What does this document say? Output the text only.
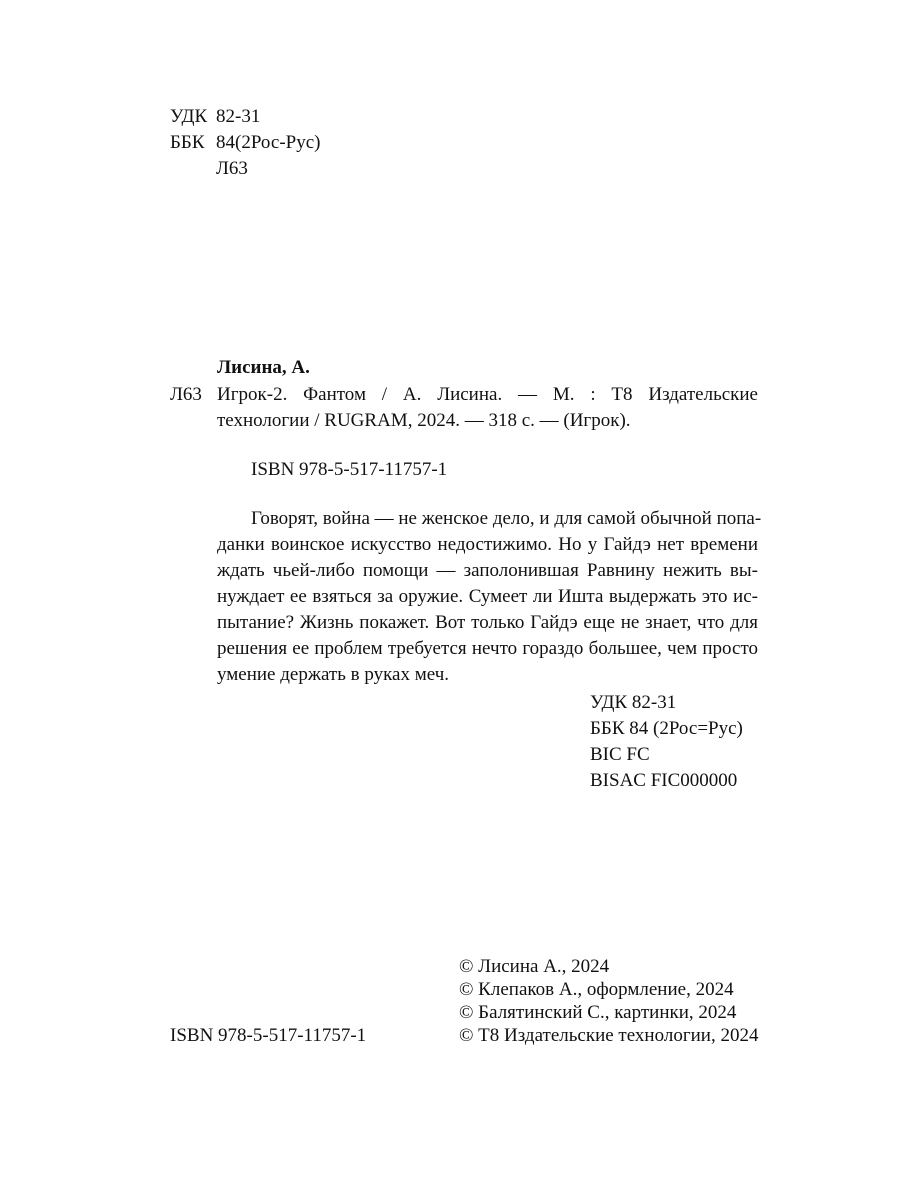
УДК 82-31
ББК 84(2Рос-Рус)
Л63
Лисина, А.
Л63 Игрок-2. Фантом / А. Лисина. — М. : Т8 Издательские
технологии / RUGRAM, 2024. — 318 с. — (Игрок).
ISBN 978-5-517-11757-1
Говорят, война — не женское дело, и для самой обычной попа-
данки воинское искусство недостижимо. Но у Гайдэ нет времени
ждать чьей-либо помощи — заполонившая Равнину нежить вы-
нуждает ее взяться за оружие. Сумеет ли Ишта выдержать это ис-
пытание? Жизнь покажет. Вот только Гайдэ еще не знает, что для
решения ее проблем требуется нечто гораздо большее, чем просто
умение держать в руках меч.
УДК 82-31
ББК 84 (2Рос=Рус)
BIC FC
BISAC FIC000000
© Лисина А., 2024
© Клепаков А., оформление, 2024
© Балятинский С., картинки, 2024
© Т8 Издательские технологии, 2024
ISBN 978-5-517-11757-1
